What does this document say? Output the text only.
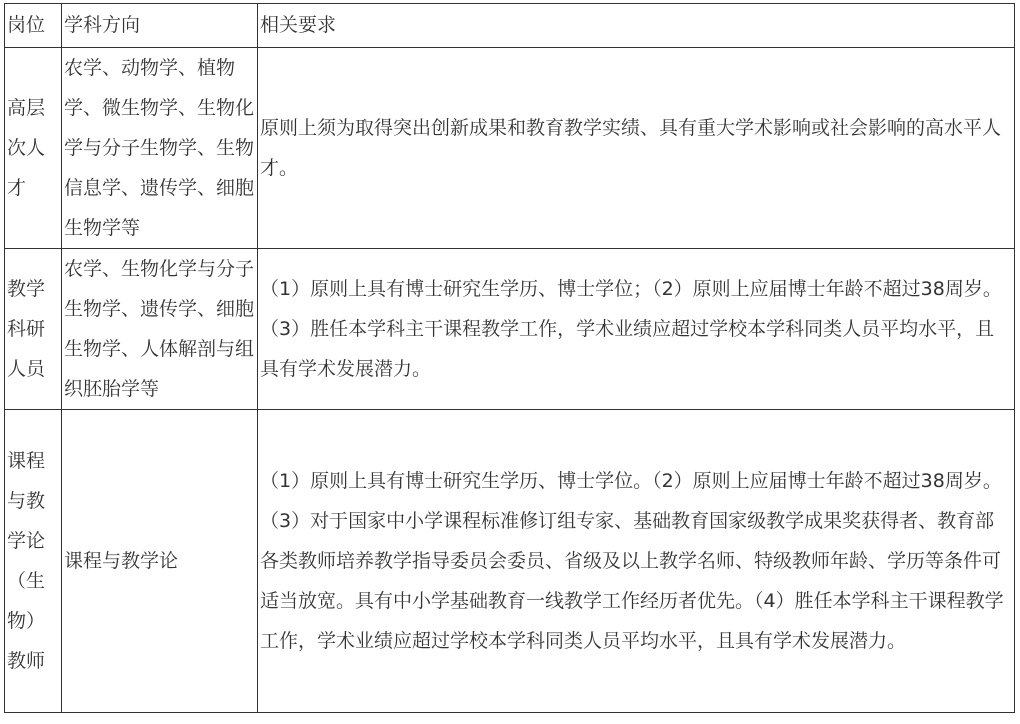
岗位	学科方向	相关要求
高层次人才	农学、动物学、植物学、微生物学、生物化学与分子生物学、生物信息学、遗传学、细胞生物学等	原则上须为取得突出创新成果和教育教学实绩、具有重大学术影响或社会影响的高水平人才。
教学科研人员	农学、生物化学与分子生物学、遗传学、细胞生物学、人体解剖与组织胚胎学等	（1）原则上具有博士研究生学历、博士学位；（2）原则上应届博士年龄不超过38周岁。（3）胜任本学科主干课程教学工作，学术业绩应超过学校本学科同类人员平均水平，且具有学术发展潜力。
课程与教学论（生物）教师	课程与教学论	（1）原则上具有博士研究生学历、博士学位。（2）原则上应届博士年龄不超过38周岁。（3）对于国家中小学课程标准修订组专家、基础教育国家级教学成果奖获得者、教育部各类教师培养教学指导委员会委员、省级及以上教学名师、特级教师年龄、学历等条件可适当放宽。具有中小学基础教育一线教学工作经历者优先。（4）胜任本学科主干课程教学工作，学术业绩应超过学校本学科同类人员平均水平，且具有学术发展潜力。
